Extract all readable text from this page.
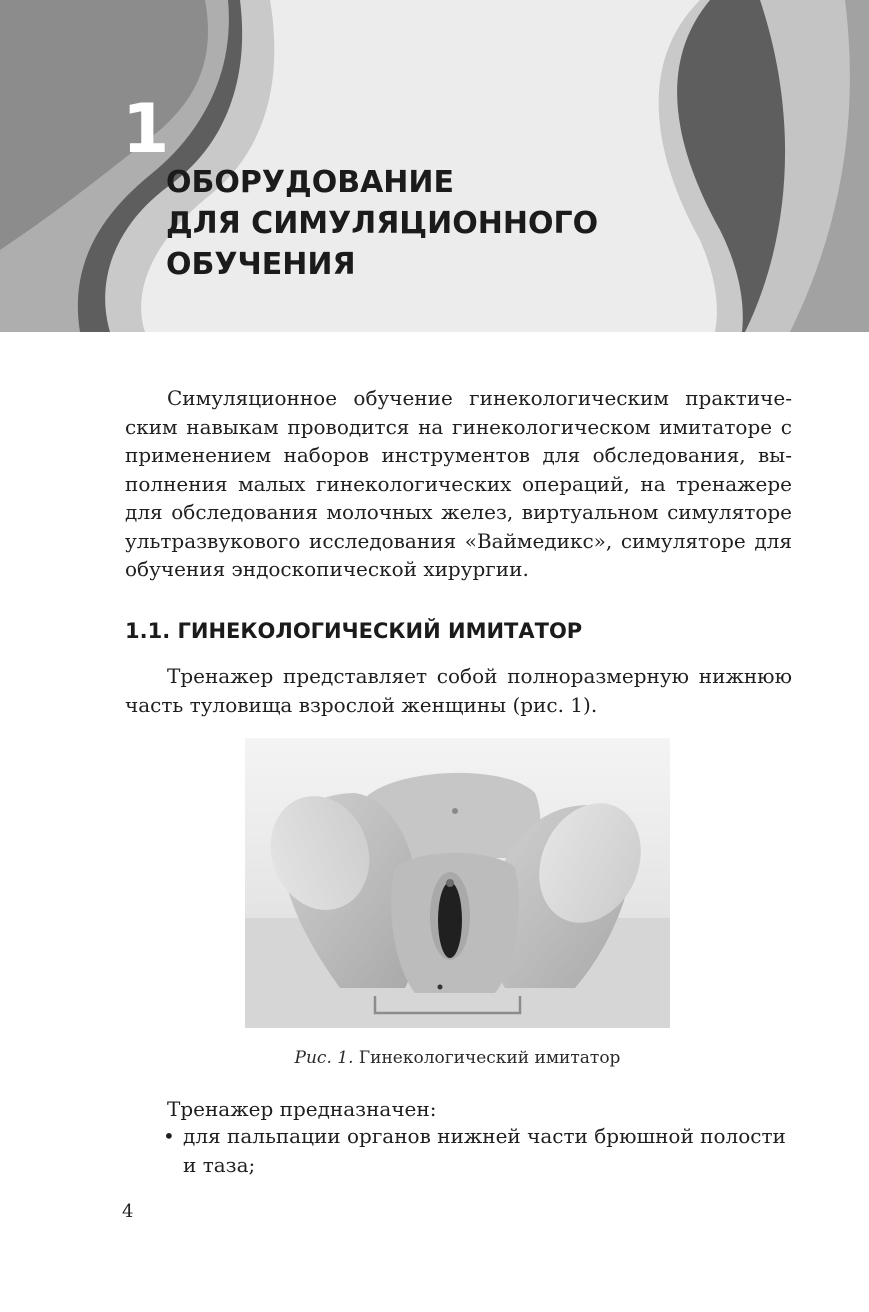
1
ОБОРУДОВАНИЕ
ДЛЯ СИМУЛЯЦИОННОГО
ОБУЧЕНИЯ
Симуляционное обучение гинекологическим практиче-
ским навыкам проводится на гинекологическом имитаторе с
применением наборов инструментов для обследования, вы-
полнения малых гинекологических операций, на тренажере
для обследования молочных желез, виртуальном симуляторе
ультразвукового исследования «Ваймедикс», симуляторе для
обучения эндоскопической хирургии.
1.1. ГИНЕКОЛОГИЧЕСКИЙ ИМИТАТОР
Тренажер представляет собой полноразмерную нижнюю
часть туловища взрослой женщины (рис. 1).
Рис. 1. Гинекологический имитатор
Тренажер предназначен:
• для пальпации органов нижней части брюшной полости
и таза;
4
